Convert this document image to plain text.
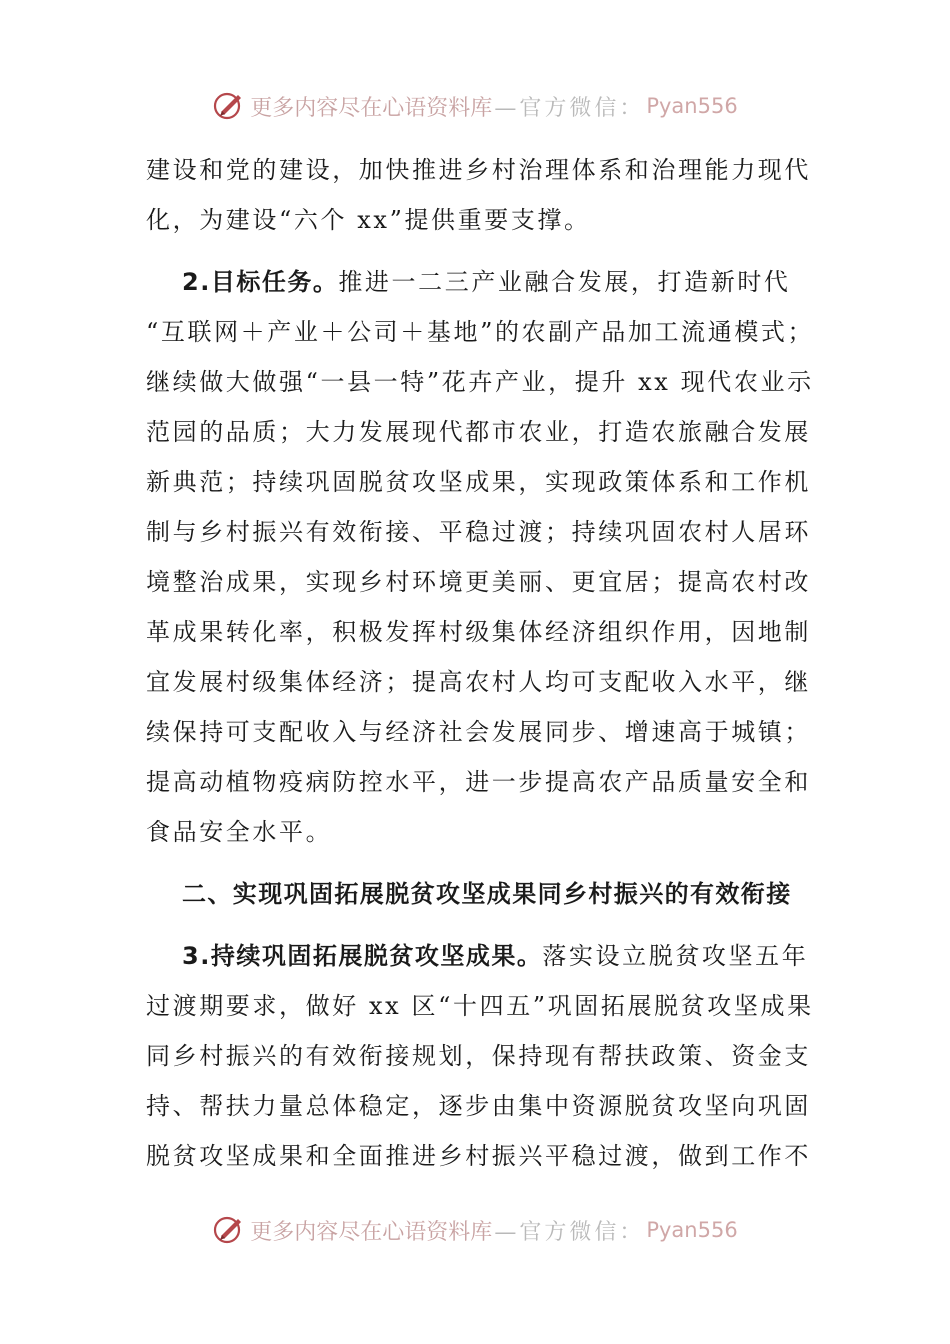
更多内容尽在心语资料库 —官方微信： Pyan556
建设和党的建设，加快推进乡村治理体系和治理能力现代
化，为建设“六个 xx”提供重要支撑。
2.目标任务。推进一二三产业融合发展，打造新时代
“互联网＋产业＋公司＋基地”的农副产品加工流通模式；
继续做大做强“一县一特”花卉产业，提升 xx 现代农业示
范园的品质；大力发展现代都市农业，打造农旅融合发展
新典范；持续巩固脱贫攻坚成果，实现政策体系和工作机
制与乡村振兴有效衔接、平稳过渡；持续巩固农村人居环
境整治成果，实现乡村环境更美丽、更宜居；提高农村改
革成果转化率，积极发挥村级集体经济组织作用，因地制
宜发展村级集体经济；提高农村人均可支配收入水平，继
续保持可支配收入与经济社会发展同步、增速高于城镇；
提高动植物疫病防控水平，进一步提高农产品质量安全和
食品安全水平。
二、实现巩固拓展脱贫攻坚成果同乡村振兴的有效衔接
3.持续巩固拓展脱贫攻坚成果。落实设立脱贫攻坚五年
过渡期要求，做好 xx 区“十四五”巩固拓展脱贫攻坚成果
同乡村振兴的有效衔接规划，保持现有帮扶政策、资金支
持、帮扶力量总体稳定，逐步由集中资源脱贫攻坚向巩固
脱贫攻坚成果和全面推进乡村振兴平稳过渡，做到工作不
更多内容尽在心语资料库 —官方微信： Pyan556
